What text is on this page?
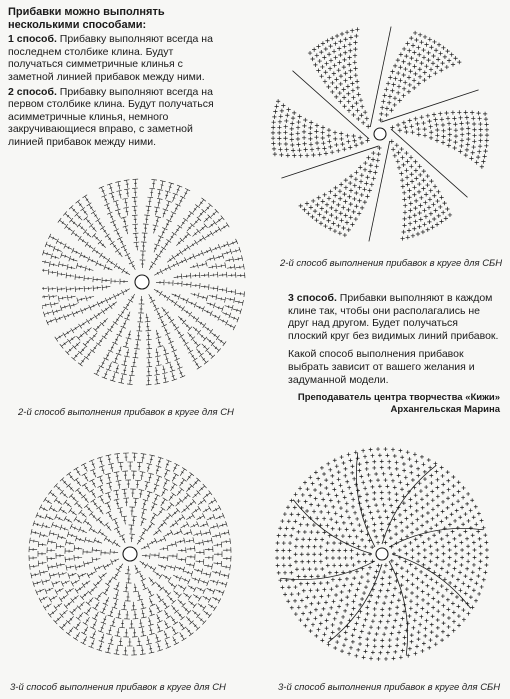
Прибавки можно выполнять несколькими способами:

1 способ. Прибавку выполняют всегда на последнем столбике клина. Будут получаться симметричные клинья с заметной линией прибавок между ними.

2 способ. Прибавку выполняют всегда на первом столбике клина. Будут получаться асимметричные клинья, немного закручивающиеся вправо, с заметной линией прибавок между ними.

2-й способ выполнения прибавок в круге для СБН
2-й способ выполнения прибавок в круге для СН

3 способ. Прибавки выполняют в каждом клине так, чтобы они располагались не друг над другом. Будет получаться плоский круг без видимых линий прибавок.

Какой способ выполнения прибавок выбрать зависит от вашего желания и задуманной модели.

Преподаватель центра творчества «Кижи»
Архангельская Марина
3-й способ выполнения прибавок в круге для СН	3-й способ выполнения прибавок в круге для СБН
